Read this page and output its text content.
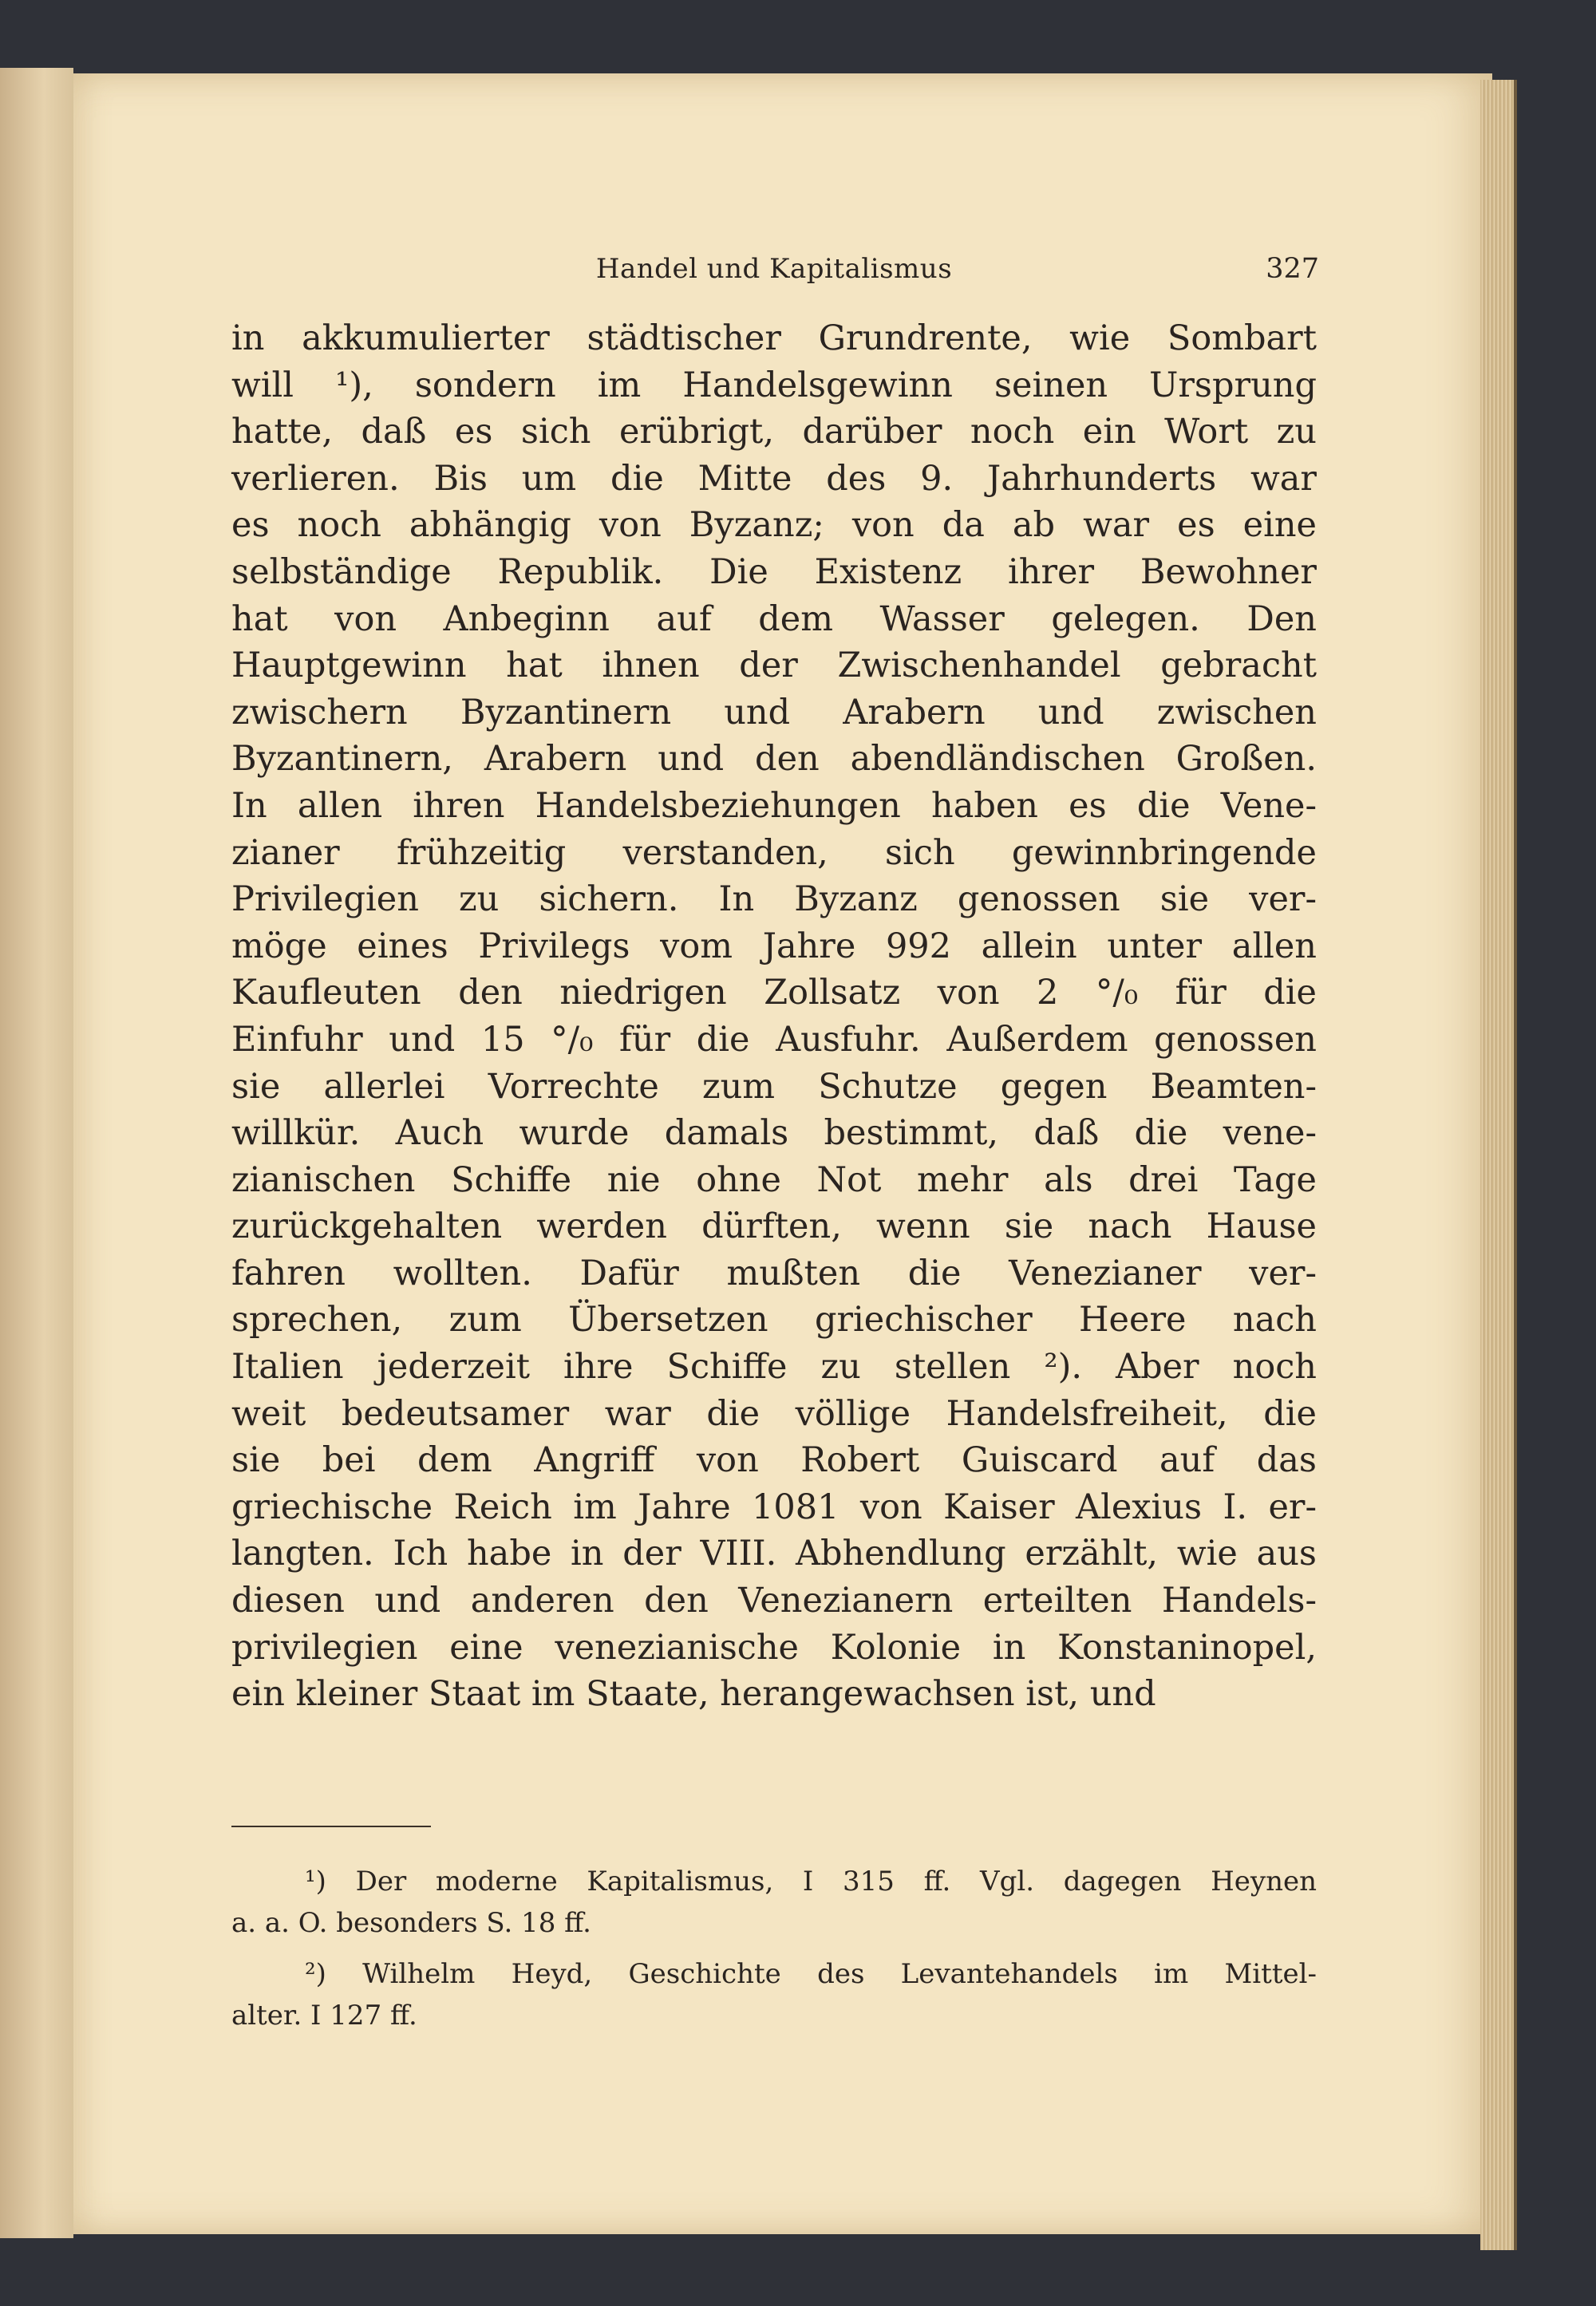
Handel und Kapitalismus	327
in akkumulierter städtischer Grundrente, wie Sombart
will ¹), sondern im Handelsgewinn seinen Ursprung
hatte, daß es sich erübrigt, darüber noch ein Wort zu
verlieren. Bis um die Mitte des 9. Jahrhunderts war
es noch abhängig von Byzanz; von da ab war es eine
selbständige Republik. Die Existenz ihrer Bewohner
hat von Anbeginn auf dem Wasser gelegen. Den
Hauptgewinn hat ihnen der Zwischenhandel gebracht
zwischern Byzantinern und Arabern und zwischen
Byzantinern, Arabern und den abendländischen Großen.
In allen ihren Handelsbeziehungen haben es die Vene-
zianer frühzeitig verstanden, sich gewinnbringende
Privilegien zu sichern. In Byzanz genossen sie ver-
möge eines Privilegs vom Jahre 992 allein unter allen
Kaufleuten den niedrigen Zollsatz von 2 °/₀ für die
Einfuhr und 15 °/₀ für die Ausfuhr. Außerdem genossen
sie allerlei Vorrechte zum Schutze gegen Beamten-
willkür. Auch wurde damals bestimmt, daß die vene-
zianischen Schiffe nie ohne Not mehr als drei Tage
zurückgehalten werden dürften, wenn sie nach Hause
fahren wollten. Dafür mußten die Venezianer ver-
sprechen, zum Übersetzen griechischer Heere nach
Italien jederzeit ihre Schiffe zu stellen ²). Aber noch
weit bedeutsamer war die völlige Handelsfreiheit, die
sie bei dem Angriff von Robert Guiscard auf das
griechische Reich im Jahre 1081 von Kaiser Alexius I. er-
langten. Ich habe in der VIII. Abhendlung erzählt, wie aus
diesen und anderen den Venezianern erteilten Handels-
privilegien eine venezianische Kolonie in Konstaninopel,
ein kleiner Staat im Staate, herangewachsen ist, und
¹) Der moderne Kapitalismus, I 315 ff. Vgl. dagegen Heynen
a. a. O. besonders S. 18 ff.
²) Wilhelm Heyd, Geschichte des Levantehandels im Mittel-
alter. I 127 ff.
